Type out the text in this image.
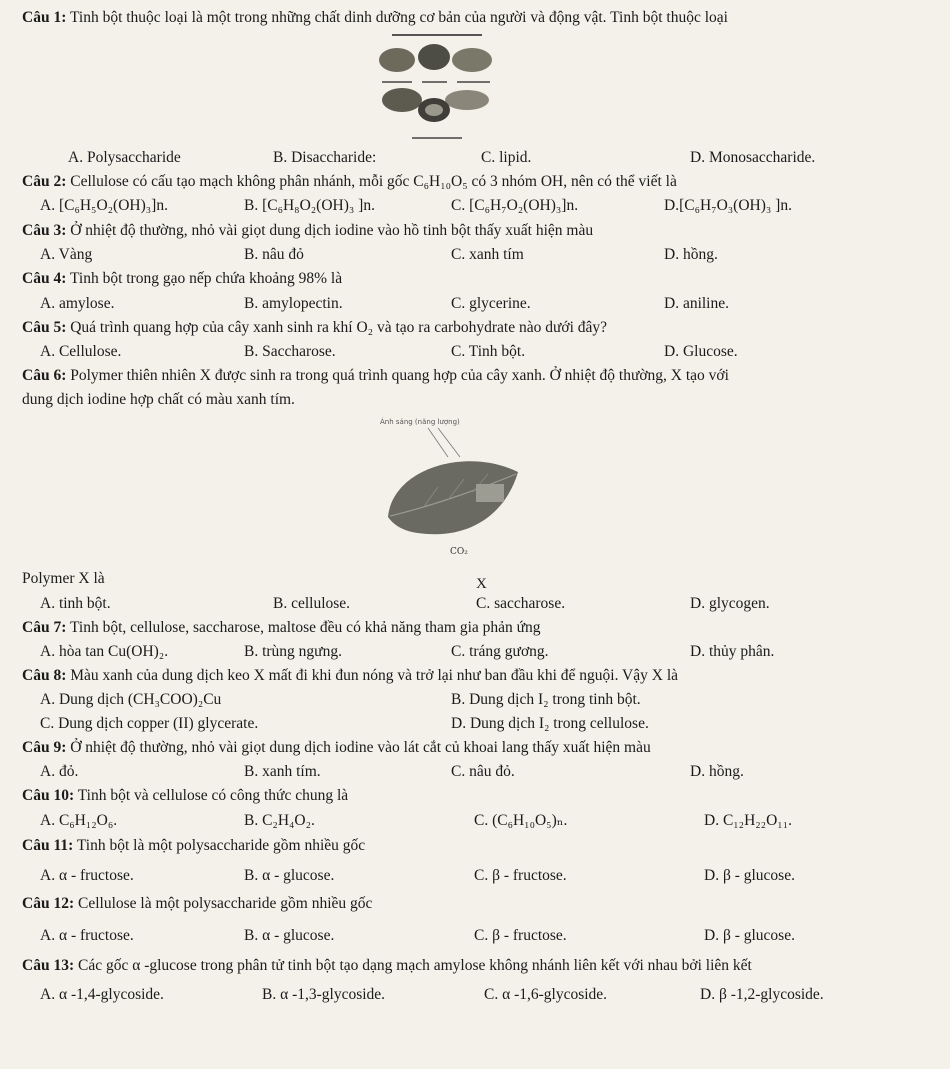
Câu 1: Tinh bột thuộc loại là một trong những chất dinh dưỡng cơ bản của người và động vật. Tinh bột thuộc loại
A. Polysaccharide	B. Disaccharide:	C. lipid.	D. Monosaccharide.
Câu 2: Cellulose có cấu tạo mạch không phân nhánh, mỗi gốc C₆H₁₀O₅ có 3 nhóm OH, nên có thể viết là
A. [C₆H₅O₂(OH)₃]n.	B. [C₆H₈O₂(OH)₃ ]n.	C. [C₆H₇O₂(OH)₃]n.	D.[C₆H₇O₃(OH)₃ ]n.
Câu 3: Ở nhiệt độ thường, nhỏ vài giọt dung dịch iodine vào hồ tinh bột thấy xuất hiện màu
A. Vàng	B. nâu đỏ	C. xanh tím	D. hồng.
Câu 4: Tinh bột trong gạo nếp chứa khoảng 98% là
A. amylose.	B. amylopectin.	C. glycerine.	D. aniline.
Câu 5: Quá trình quang hợp của cây xanh sinh ra khí O₂ và tạo ra carbohydrate nào dưới đây?
A. Cellulose.	B. Saccharose.	C. Tinh bột.	D. Glucose.
Câu 6: Polymer thiên nhiên X được sinh ra trong quá trình quang hợp của cây xanh. Ở nhiệt độ thường, X tạo với
dung dịch iodine hợp chất có màu xanh tím.
Ánh sáng (năng lượng)
CO₂
Polymer X là	X
A. tinh bột.	B. cellulose.	C. saccharose.	D. glycogen.
Câu 7: Tinh bột, cellulose, saccharose, maltose đều có khả năng tham gia phản ứng
A. hòa tan Cu(OH)₂.	B. trùng ngưng.	C. tráng gương.	D. thủy phân.
Câu 8: Màu xanh của dung dịch keo X mất đi khi đun nóng và trở lại như ban đầu khi để nguội. Vậy X là
A. Dung dịch (CH₃COO)₂Cu	B. Dung dịch I₂ trong tinh bột.
C. Dung dịch copper (II) glycerate.	D. Dung dịch I₂ trong cellulose.
Câu 9: Ở nhiệt độ thường, nhỏ vài giọt dung dịch iodine vào lát cắt củ khoai lang thấy xuất hiện màu
A. đỏ.	B. xanh tím.	C. nâu đỏ.	D. hồng.
Câu 10: Tinh bột và cellulose có công thức chung là
A. C₆H₁₂O₆.	B. C₂H₄O₂.	C. (C₆H₁₀O₅)ₙ.	D. C₁₂H₂₂O₁₁.
Câu 11: Tinh bột là một polysaccharide gồm nhiều gốc
A. α - fructose.	B. α - glucose.	C. β - fructose.	D. β - glucose.
Câu 12: Cellulose là một polysaccharide gồm nhiều gốc
A. α - fructose.	B. α - glucose.	C. β - fructose.	D. β - glucose.
Câu 13: Các gốc α -glucose trong phân tử tinh bột tạo dạng mạch amylose không nhánh liên kết với nhau bởi liên kết
A. α -1,4-glycoside.	B. α -1,3-glycoside.	C. α -1,6-glycoside.	D. β -1,2-glycoside.
